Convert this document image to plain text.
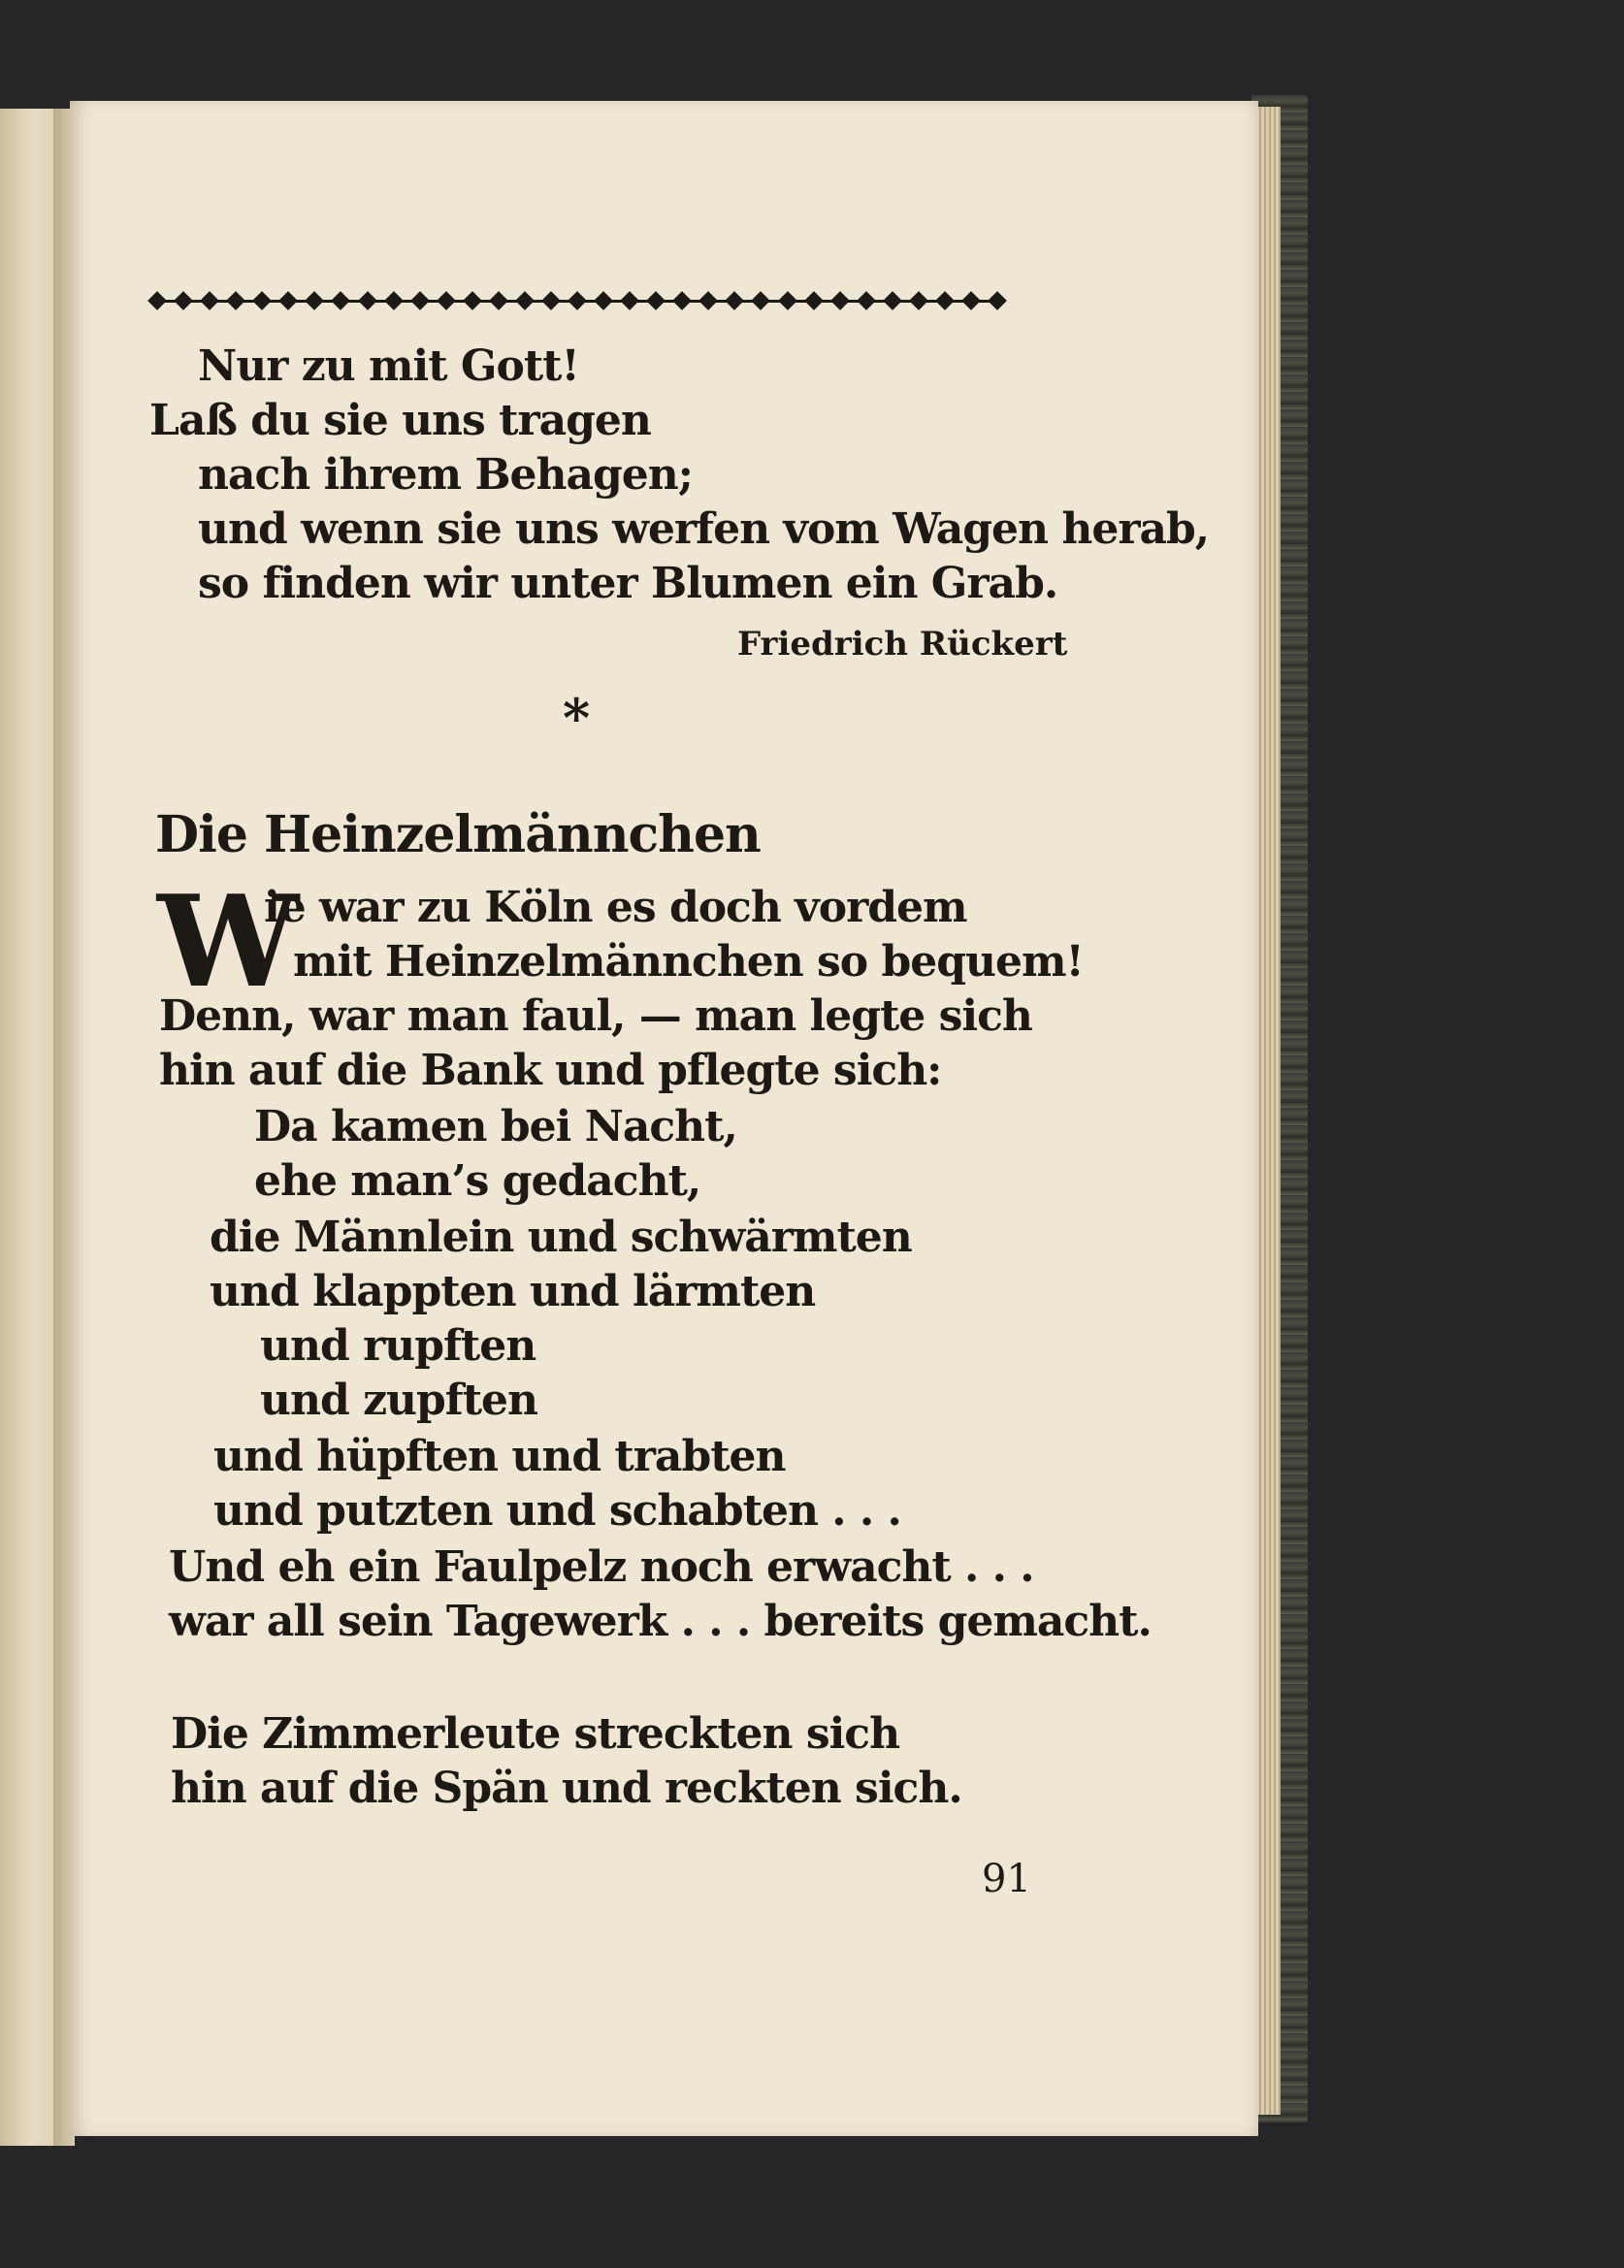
Nur zu mit Gott!
Laß du sie uns tragen
nach ihrem Behagen;
und wenn sie uns werfen vom Wagen herab,
so finden wir unter Blumen ein Grab.
Friedrich Rückert
*
Die Heinzelmännchen
W
ie war zu Köln es doch vordem
mit Heinzelmännchen so bequem!
Denn, war man faul, — man legte sich
hin auf die Bank und pflegte sich:
Da kamen bei Nacht,
ehe man’s gedacht,
die Männlein und schwärmten
und klappten und lärmten
und rupften
und zupften
und hüpften und trabten
und putzten und schabten . . .
Und eh ein Faulpelz noch erwacht . . .
war all sein Tagewerk . . . bereits gemacht.
Die Zimmerleute streckten sich
hin auf die Spän und reckten sich.
91
